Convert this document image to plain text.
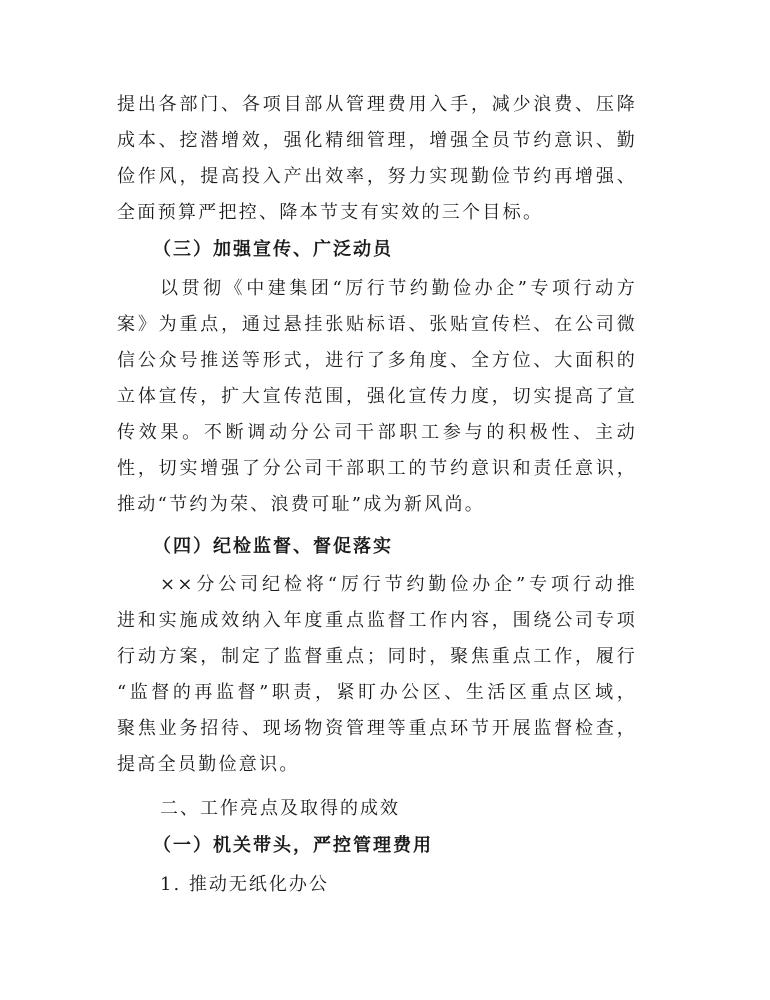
提出各部门、各项目部从管理费用入手，减少浪费、压降
成本、挖潜增效，强化精细管理，增强全员节约意识、勤
俭作风，提高投入产出效率，努力实现勤俭节约再增强、
全面预算严把控、降本节支有实效的三个目标。
（三）加强宣传、广泛动员
以贯彻《中建集团“厉行节约勤俭办企”专项行动方
案》为重点，通过悬挂张贴标语、张贴宣传栏、在公司微
信公众号推送等形式，进行了多角度、全方位、大面积的
立体宣传，扩大宣传范围，强化宣传力度，切实提高了宣
传效果。不断调动分公司干部职工参与的积极性、主动
性，切实增强了分公司干部职工的节约意识和责任意识，
推动“节约为荣、浪费可耻”成为新风尚。
（四）纪检监督、督促落实
××分公司纪检将“厉行节约勤俭办企”专项行动推
进和实施成效纳入年度重点监督工作内容，围绕公司专项
行动方案，制定了监督重点；同时，聚焦重点工作，履行
“监督的再监督”职责，紧盯办公区、生活区重点区域，
聚焦业务招待、现场物资管理等重点环节开展监督检查，
提高全员勤俭意识。
二、工作亮点及取得的成效
（一）机关带头，严控管理费用
1. 推动无纸化办公
